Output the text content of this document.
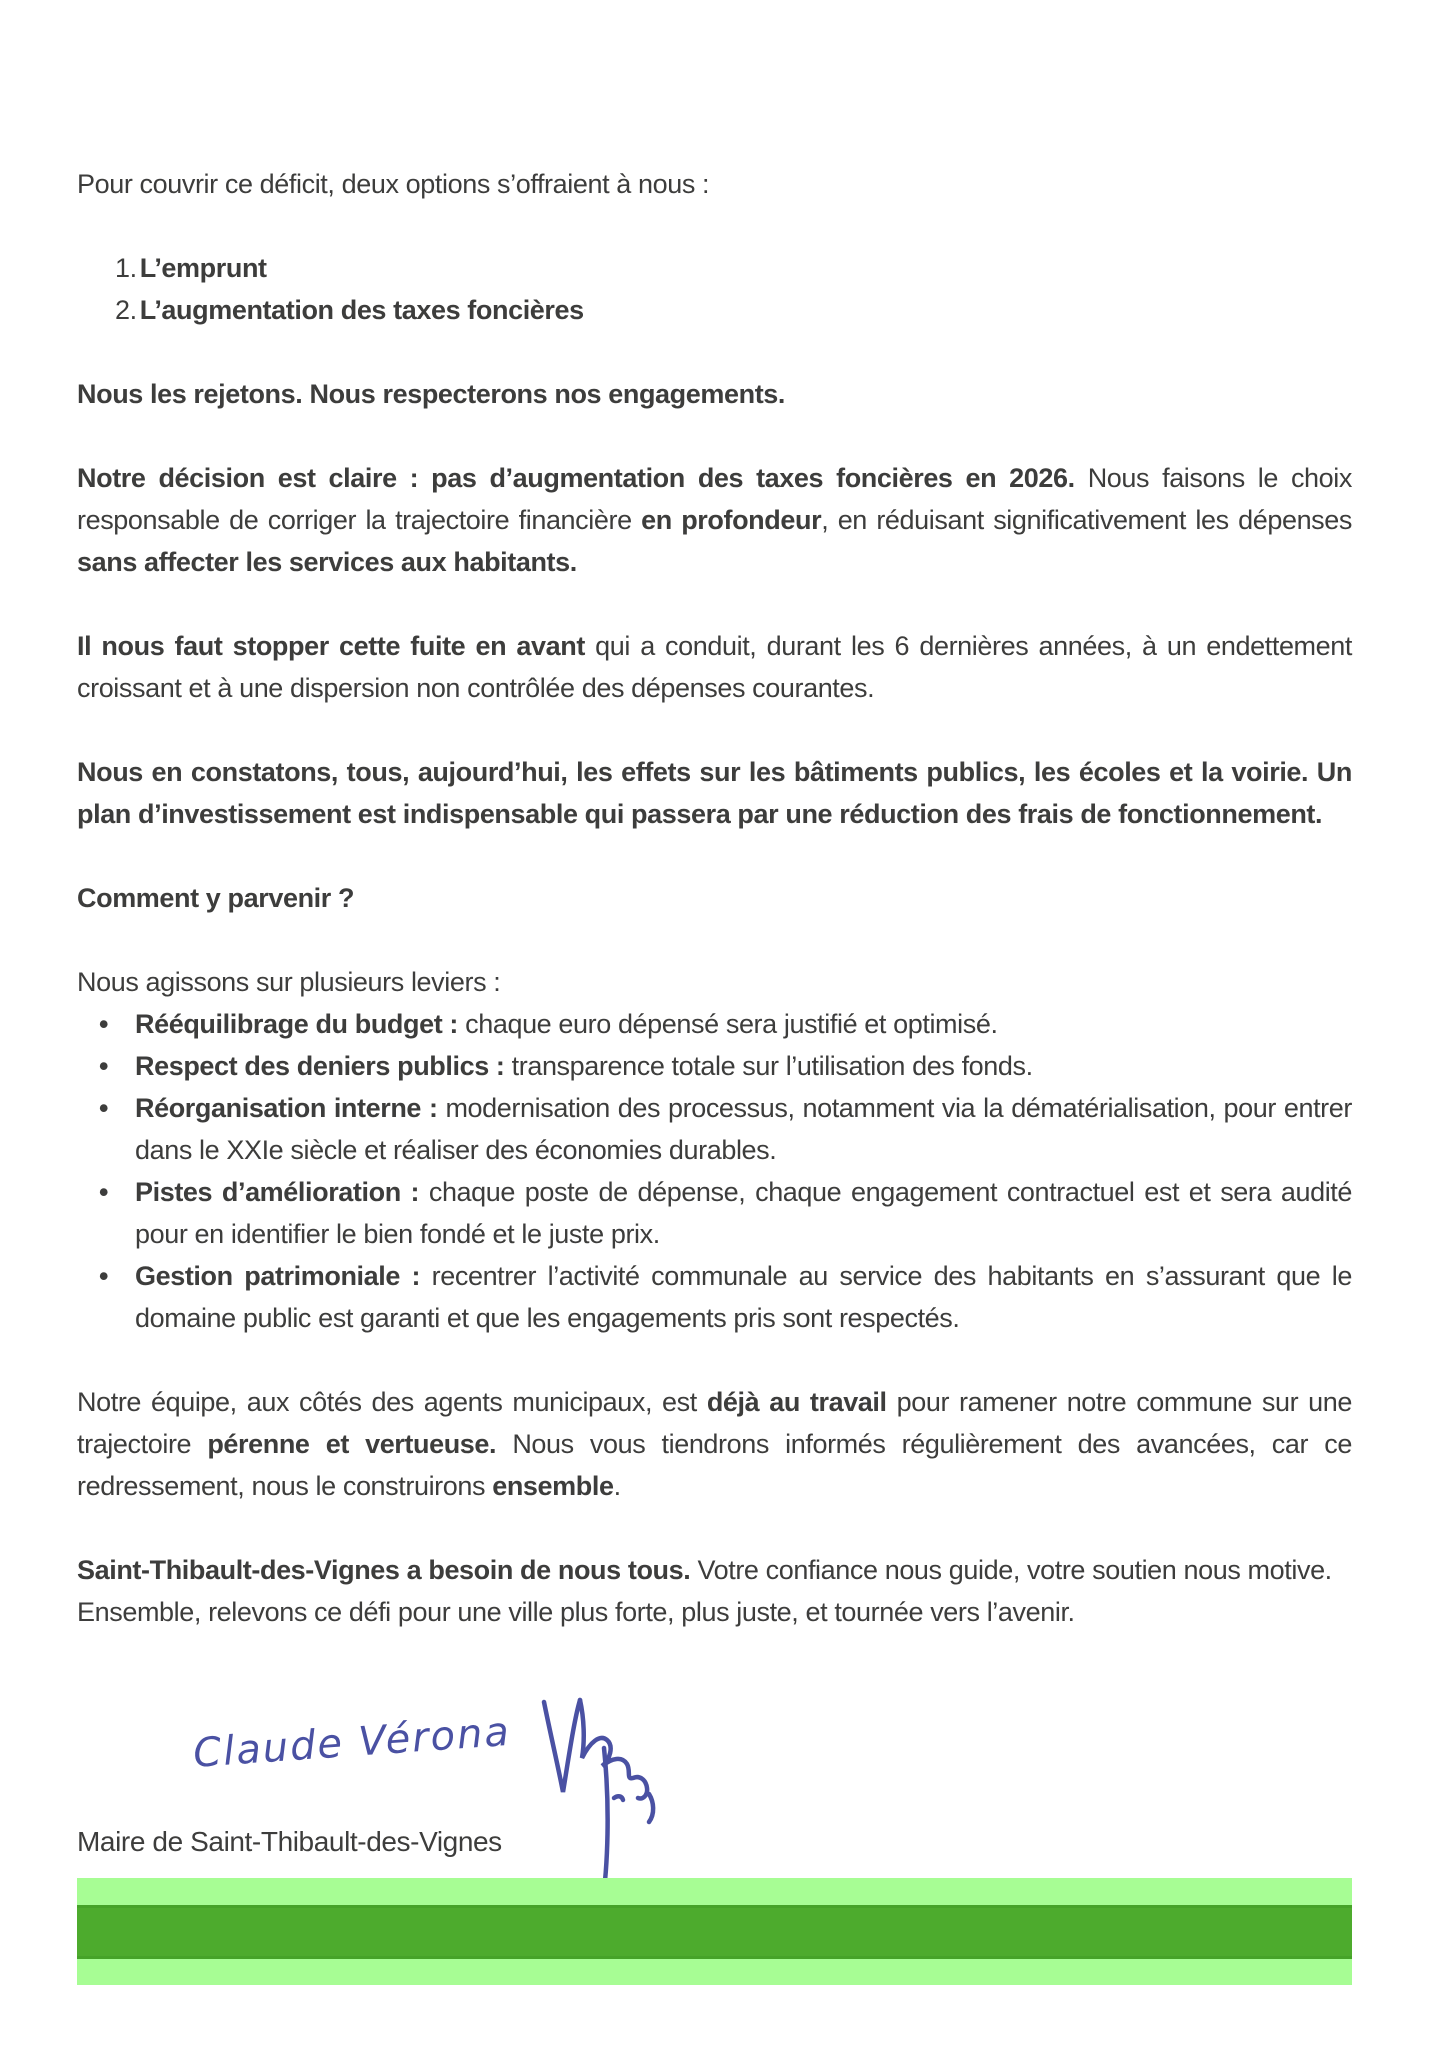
Pour couvrir ce déficit, deux options s’offraient à nous :

1. L’emprunt
2. L’augmentation des taxes foncières

Nous les rejetons. Nous respecterons nos engagements.

Notre décision est claire : pas d’augmentation des taxes foncières en 2026. Nous faisons le choix responsable de corriger la trajectoire financière en profondeur, en réduisant significativement les dépenses sans affecter les services aux habitants.

Il nous faut stopper cette fuite en avant qui a conduit, durant les 6 dernières années, à un endettement croissant et à une dispersion non contrôlée des dépenses courantes.

Nous en constatons, tous, aujourd’hui, les effets sur les bâtiments publics, les écoles et la voirie. Un plan d’investissement est indispensable qui passera par une réduction des frais de fonctionnement.

Comment y parvenir ?

Nous agissons sur plusieurs leviers :

• Rééquilibrage du budget : chaque euro dépensé sera justifié et optimisé.
• Respect des deniers publics : transparence totale sur l’utilisation des fonds.
• Réorganisation interne : modernisation des processus, notamment via la dématérialisation, pour entrer dans le XXIe siècle et réaliser des économies durables.
• Pistes d’amélioration : chaque poste de dépense, chaque engagement contractuel est et sera audité pour en identifier le bien fondé et le juste prix.
• Gestion patrimoniale : recentrer l’activité communale au service des habitants en s’assurant que le domaine public est garanti et que les engagements pris sont respectés.

Notre équipe, aux côtés des agents municipaux, est déjà au travail pour ramener notre commune sur une trajectoire pérenne et vertueuse. Nous vous tiendrons informés régulièrement des avancées, car ce redressement, nous le construirons ensemble.

Saint-Thibault-des-Vignes a besoin de nous tous. Votre confiance nous guide, votre soutien nous motive.
Ensemble, relevons ce défi pour une ville plus forte, plus juste, et tournée vers l’avenir.

Claude Vérona
Maire de Saint-Thibault-des-Vignes
